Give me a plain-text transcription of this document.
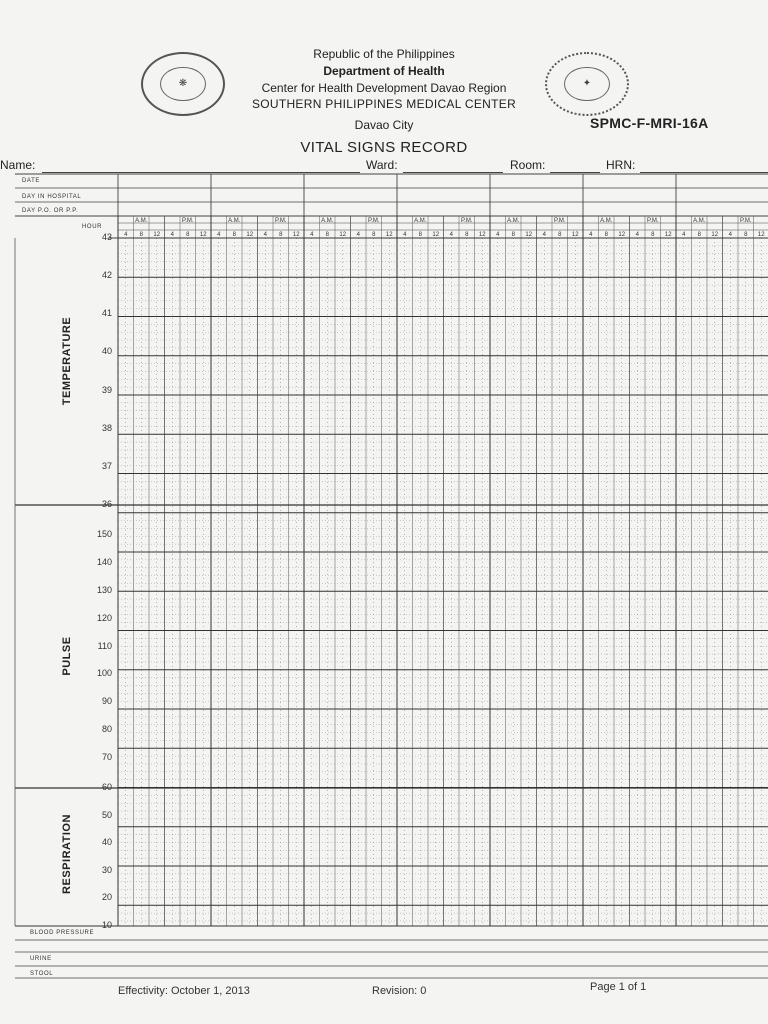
❋	✦
Republic of the Philippines
Department of Health
Center for Health Development Davao Region
SOUTHERN PHILIPPINES MEDICAL CENTER
Davao City	SPMC-F-MRI-16A
VITAL SIGNS RECORD
Name:	Ward:	Room:	HRN:
DATE
DAY IN HOSPITAL
DAY P.O. OR P.P.
HOUR
BLOOD PRESSURE
URINE
STOOL
TEMPERATURE
PULSE
RESPIRATION
43
42
41
40
39
38
37
36
150
140
130
120
110
100
90
80
70
60
50
40
30
20
10
A.M.
4 8 12
P.M.
4 8 12
A.M.
4 8 12
P.M.
4 8 12
A.M.
4 8 12
P.M.
4 8 12
A.M.
4 8 12
P.M.
4 8 12
A.M.
4 8 12
P.M.
4 8 12
A.M.
4 8 12
P.M.
4 8 12
A.M.
4 8 12
P.M.
4 8 12
Effectivity: October 1, 2013	Revision: 0	Page 1 of 1
